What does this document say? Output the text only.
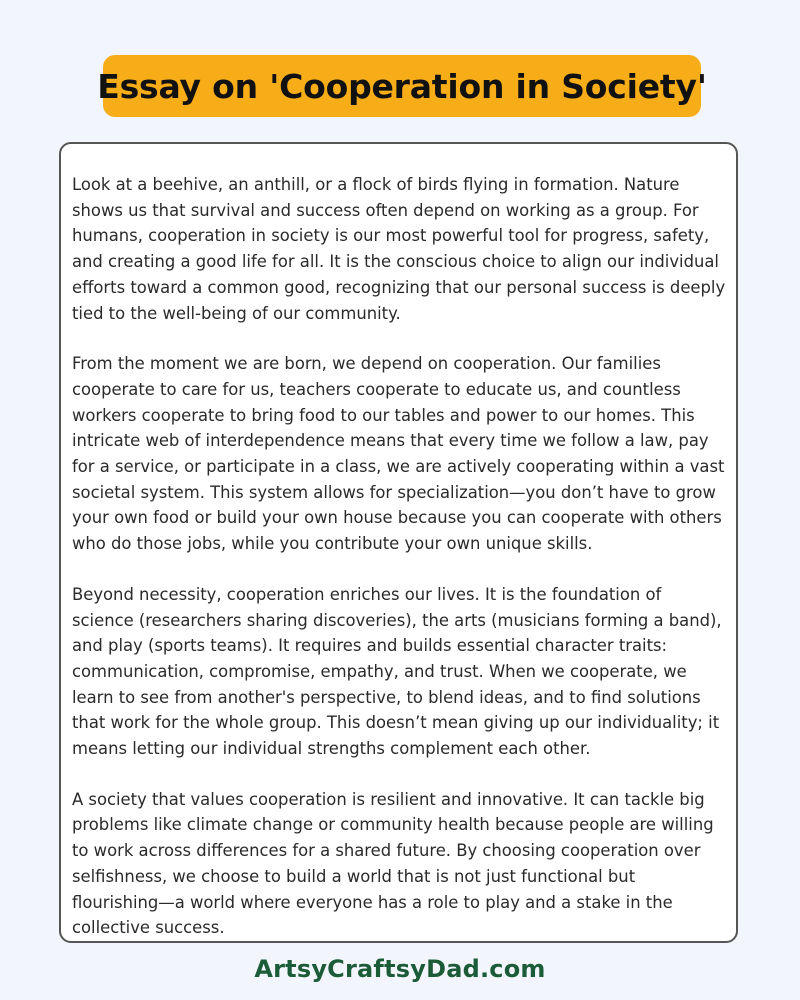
Essay on 'Cooperation in Society'

Look at a beehive, an anthill, or a flock of birds flying in formation. Nature shows us that survival and success often depend on working as a group. For humans, cooperation in society is our most powerful tool for progress, safety, and creating a good life for all. It is the conscious choice to align our individual efforts toward a common good, recognizing that our personal success is deeply tied to the well-being of our community.

From the moment we are born, we depend on cooperation. Our families cooperate to care for us, teachers cooperate to educate us, and countless workers cooperate to bring food to our tables and power to our homes. This intricate web of interdependence means that every time we follow a law, pay for a service, or participate in a class, we are actively cooperating within a vast societal system. This system allows for specialization—you don’t have to grow your own food or build your own house because you can cooperate with others who do those jobs, while you contribute your own unique skills.

Beyond necessity, cooperation enriches our lives. It is the foundation of science (researchers sharing discoveries), the arts (musicians forming a band), and play (sports teams). It requires and builds essential character traits: communication, compromise, empathy, and trust. When we cooperate, we learn to see from another's perspective, to blend ideas, and to find solutions that work for the whole group. This doesn’t mean giving up our individuality; it means letting our individual strengths complement each other.

A society that values cooperation is resilient and innovative. It can tackle big problems like climate change or community health because people are willing to work across differences for a shared future. By choosing cooperation over selfishness, we choose to build a world that is not just functional but flourishing—a world where everyone has a role to play and a stake in the collective success.

ArtsyCraftsyDad.com
